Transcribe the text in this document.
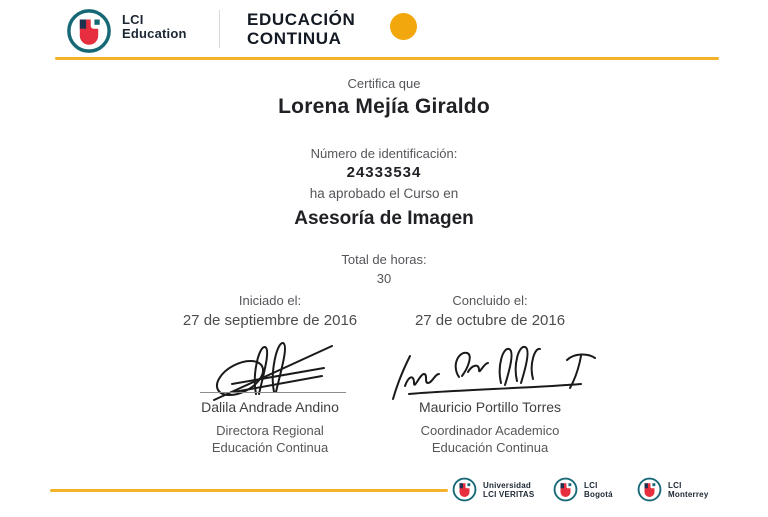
LCI
Education
EDUCACIÓN
CONTINUA
Certifica que
Lorena Mejía Giraldo
Número de identificación:
24333534
ha aprobado el Curso en
Asesoría de Imagen
Total de horas:
30
Iniciado el:
27 de septiembre de 2016
Concluido el:
27 de octubre de 2016
Dalila Andrade Andino
Directora Regional
Educación Continua
Mauricio Portillo Torres
Coordinador Academico
Educación Continua
Universidad
LCI VERITAS
LCI
Bogotá
LCI
Monterrey
